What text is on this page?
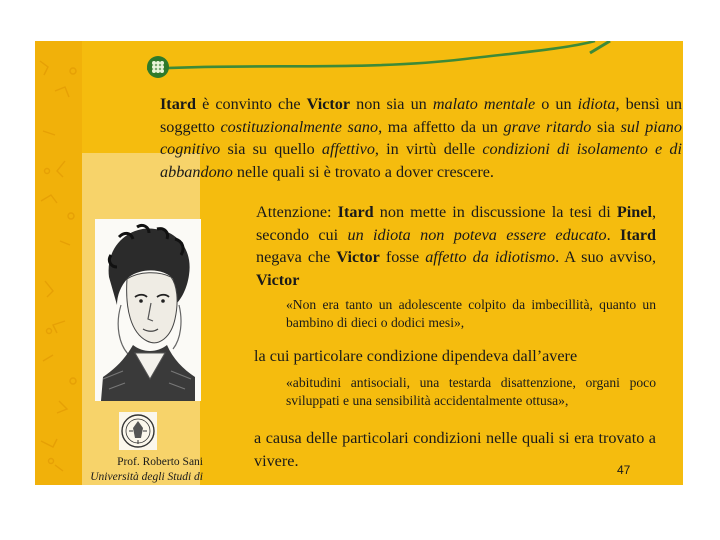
Itard è convinto che Victor non sia un malato mentale o un idiota, bensì un soggetto costituzionalmente sano, ma affetto da un grave ritardo sia sul piano cognitivo sia su quello affettivo, in virtù delle condizioni di isolamento e di abbandono nelle quali si è trovato a dover crescere.
Attenzione: Itard non mette in discussione la tesi di Pinel, secondo cui un idiota non poteva essere educato. Itard negava che Victor fosse affetto da idiotismo. A suo avviso, Victor
«Non era tanto un adolescente colpito da imbecillità, quanto un bambino di dieci o dodici mesi»,
la cui particolare condizione dipendeva dall’avere
«abitudini antisociali, una testarda disattenzione, organi poco sviluppati e una sensibilità accidentalmente ottusa»,
a causa delle particolari condizioni nelle quali si era trovato a vivere.
47
Prof. Roberto Sani
Università degli Studi di
